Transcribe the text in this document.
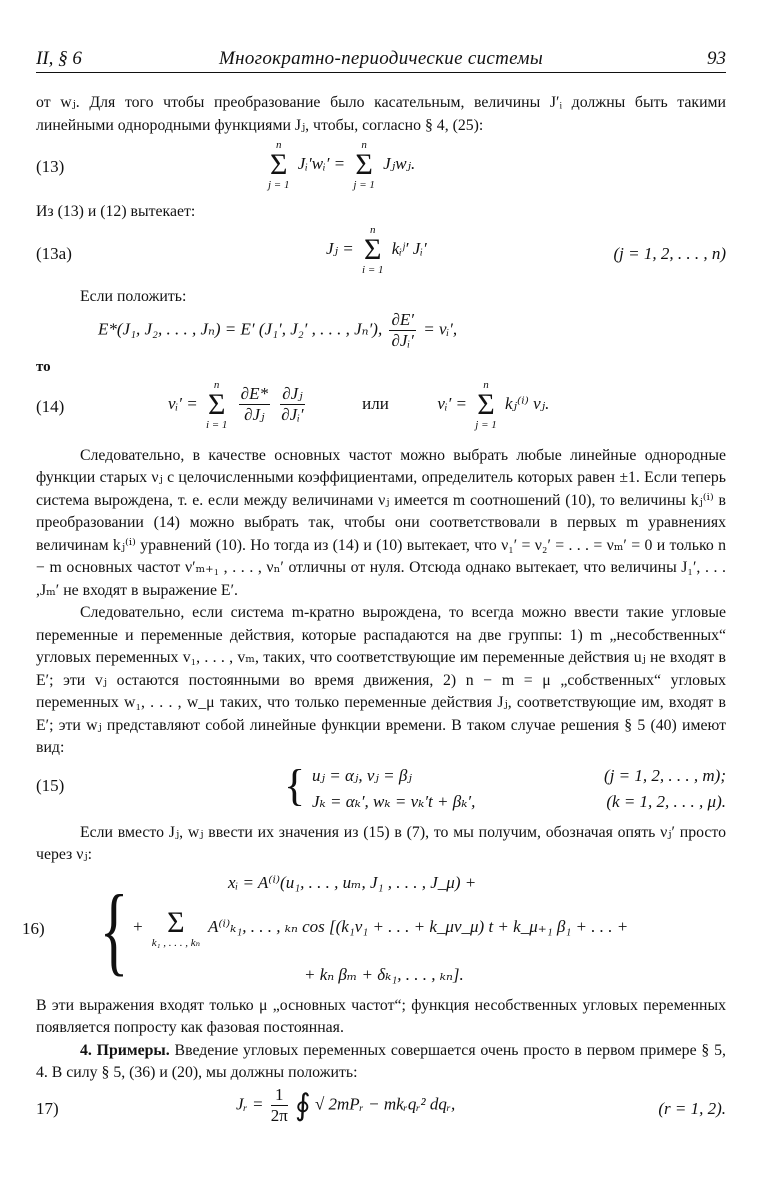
II, § 6	Многократно-периодические системы	93

от wⱼ. Для того чтобы преобразование было касательным, величины J′ᵢ должны быть такими линейными однородными функциями Jⱼ, чтобы, согласно § 4, (25):

(13)
n
Σ
j = 1
Jᵢ′wᵢ′ =
n
Σ
j = 1
Jⱼwⱼ.

Из (13) и (12) вытекает:

(13а)	Jⱼ =
n
Σ
i = 1
kᵢʲ′ Jᵢ′	(j = 1, 2, . . . , n)

Если положить:

E*(J₁, J₂, . . . , Jₙ) = E′ (J₁′, J₂′ , . . . , Jₙ′), $\frac{\partial E'}{\text{∂Jᵢ′}}$ = νᵢ′,

то

(14)	νᵢ′ =
n
Σ
i = 1
$\frac{\partial E*}{\text{∂Jⱼ}}$
$\frac{\text{∂Jⱼ}}{\text{∂Jᵢ′}}$	или	νᵢ′ =
n
Σ
j = 1
kⱼ⁽ⁱ⁾ νⱼ.

Следовательно, в качестве основных частот можно выбрать любые линейные однородные функции старых νⱼ с целочисленными коэффициентами, определитель которых равен ±1. Если теперь система вырождена, т. е. если между величинами νⱼ имеется m соотношений (10), то величины kⱼ⁽ⁱ⁾ в преобразовании (14) можно выбрать так, чтобы они соответствовали в первых m уравнениях величинам kⱼ⁽ⁱ⁾ уравнений (10). Но тогда из (14) и (10) вытекает, что ν₁′ = ν₂′ = . . . = νₘ′ = 0 и только n − m основных частот ν′ₘ₊₁ , . . . , νₙ′ отличны от нуля. Отсюда однако вытекает, что величины J₁′, . . . ,Jₘ′ не входят в выражение E′.

Следовательно, если система m-кратно вырождена, то всегда можно ввести такие угловые переменные и переменные действия, которые распадаются на две группы: 1) m „несобственных“ угловых переменных v₁, . . . , vₘ, таких, что соответствующие им переменные действия uⱼ не входят в E′; эти vⱼ остаются постоянными во время движения, 2) n − m = μ „собственных“ угловых переменных w₁, . . . , w_μ таких, что только переменные действия Jⱼ, соответствующие им, входят в E′; эти wⱼ представляют собой линейные функции времени. В таком случае решения § 5 (40) имеют вид:

(15)	{ uⱼ = αⱼ, vⱼ = βⱼ	(j = 1, 2, . . . , m);
Jₖ = αₖ′, wₖ = νₖ′t + βₖ′,	(k = 1, 2, . . . , μ).

Если вместо Jⱼ, wⱼ ввести их значения из (15) в (7), то мы получим, обозначая опять νⱼ′ просто через νⱼ:

16) {	xᵢ = A⁽ⁱ⁾(u₁, . . . , uₘ, J₁ , . . . , J_μ) +
+ Σ
k₁ , . . . , kₙ
A⁽ⁱ⁾ₖ₁, . . . , ₖₙ cos [(k₁ν₁ + . . . + k_μν_μ) t + k_μ₊₁ β₁ + . . . +
+ kₙ βₘ + δₖ₁, . . . , ₖₙ].

В эти выражения входят только μ „основных частот“; функция несобственных угловых переменных появляется попросту как фазовая постоянная.

4. Примеры. Введение угловых переменных совершается очень просто в первом примере § 5, 4. В силу § 5, (36) и (20), мы должны положить:

17)	Jᵣ = $\frac{1}{2\pi}$ ∮ √ 2mPᵣ − mkᵣqᵣ² dqᵣ,	(r = 1, 2).
